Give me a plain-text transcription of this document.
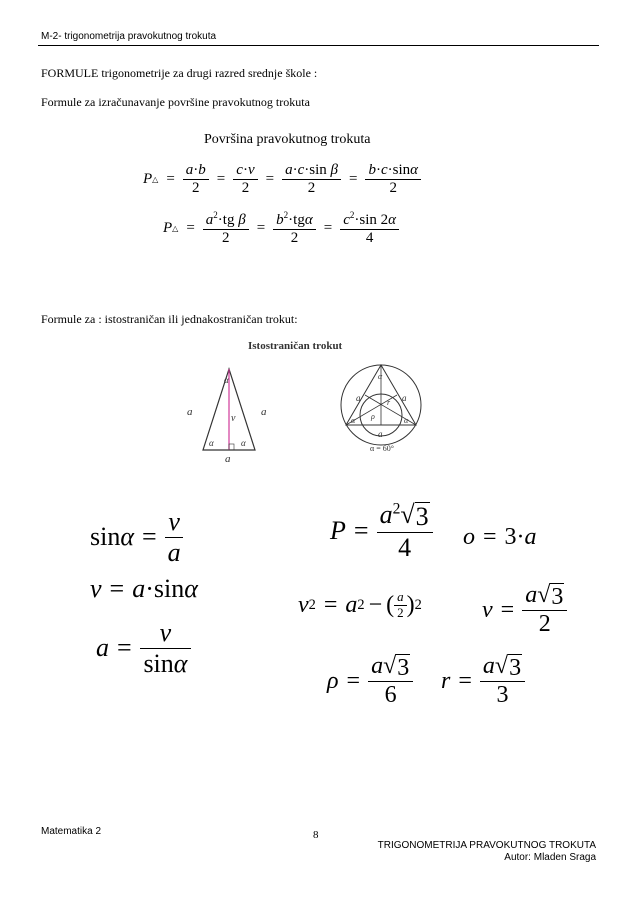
M-2- trigonometrija pravokutnog trokuta
FORMULE trigonometrije za drugi razred srednje škole :
Formule za izračunavanje površine pravokutnog trokuta
Površina pravokutnog trokuta
P △ = $\frac{a\cdot b}{2} = \frac{c\cdot v}{2} = \frac{\text{a·c·sin β}}{2} = \frac{b\cdot c\cdot\sin\alpha}{2}$
P △ = $\frac{a^2\cdot tg \beta}{2} = \frac{b^2\cdot tg\alpha}{2} = \frac{c^2\cdot\sin 2\alpha}{4}$
Formule za : istostraničan ili jednakostraničan trokut:
Istostraničan trokut
α
α	α
a	a
v
a
α
α	α
a	a
a
r
ρ
α = 60°
$\sin\alpha = \frac{v}{a}$
v = a ·sin α
$a = \frac{v}{\sin\alpha}$
$P = \frac{a^2 √ 3}{4}$ o = 3· a
v 2 = a 2 − ( $\frac{a}{2}$ ) 2	$v = \frac{a √ 3}{2}$
$\rho = \frac{a √ 3}{6}$ $r = \frac{a √ 3}{3}$
Matematika 2	8
TRIGONOMETRIJA PRAVOKUTNOG TROKUTA
Autor: Mladen Sraga
